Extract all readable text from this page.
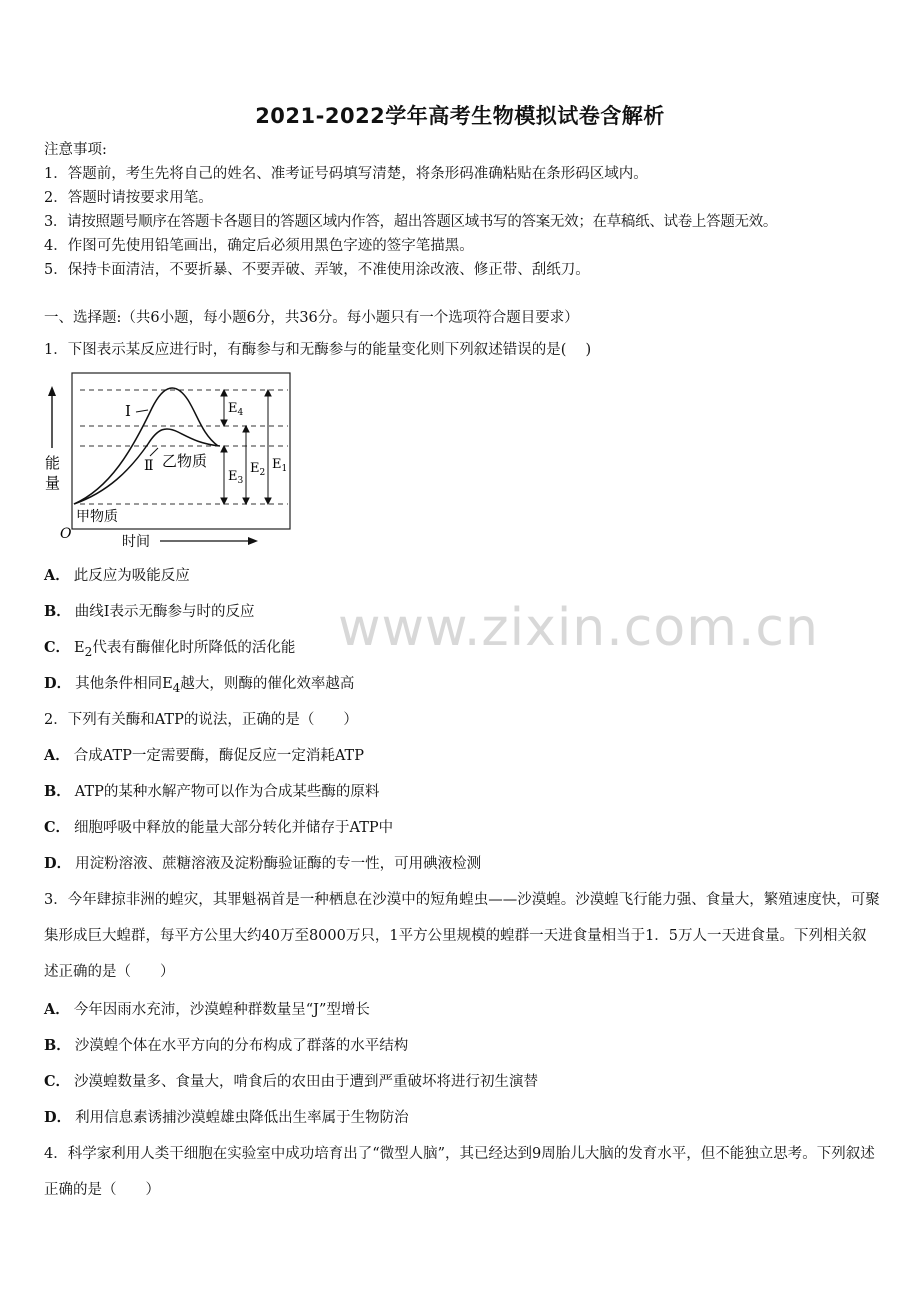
2021-2022学年高考生物模拟试卷含解析
注意事项:
1．答题前，考生先将自己的姓名、准考证号码填写清楚，将条形码准确粘贴在条形码区域内。
2．答题时请按要求用笔。
3．请按照题号顺序在答题卡各题目的答题区域内作答，超出答题区域书写的答案无效；在草稿纸、试卷上答题无效。
4．作图可先使用铅笔画出，确定后必须用黑色字迹的签字笔描黑。
5．保持卡面清洁，不要折暴、不要弄破、弄皱，不准使用涂改液、修正带、刮纸刀。
一、选择题:（共6小题，每小题6分，共36分。每小题只有一个选项符合题目要求）
1．下图表示某反应进行时，有酶参与和无酶参与的能量变化则下列叙述错误的是(　 )
能
量
O
甲物质
时间
I
Ⅱ 乙物质
$E_4$
$E_3$
$E_2$
$E_1$
www.zixin.com.cn
A． 此反应为吸能反应
B． 曲线I表示无酶参与时的反应
C． $E_2$代表有酶催化时所降低的活化能
D． 其他条件相同$E_4$越大，则酶的催化效率越高
2．下列有关酶和ATP的说法，正确的是（　　）
A． 合成ATP一定需要酶，酶促反应一定消耗ATP
B． ATP的某种水解产物可以作为合成某些酶的原料
C． 细胞呼吸中释放的能量大部分转化并储存于ATP中
D． 用淀粉溶液、蔗糖溶液及淀粉酶验证酶的专一性，可用碘液检测
3．今年肆掠非洲的蝗灾，其罪魁祸首是一种栖息在沙漠中的短角蝗虫——沙漠蝗。沙漠蝗飞行能力强、食量大，繁殖速度快，可聚集形成巨大蝗群，每平方公里大约40万至8000万只，1平方公里规模的蝗群一天进食量相当于1．5万人一天进食量。下列相关叙述正确的是（　　）
A． 今年因雨水充沛，沙漠蝗种群数量呈“J”型增长
B． 沙漠蝗个体在水平方向的分布构成了群落的水平结构
C． 沙漠蝗数量多、食量大，啃食后的农田由于遭到严重破坏将进行初生演替
D． 利用信息素诱捕沙漠蝗雄虫降低出生率属于生物防治
4．科学家利用人类干细胞在实验室中成功培育出了“微型人脑”，其已经达到9周胎儿大脑的发育水平，但不能独立思考。下列叙述正确的是（　　）
